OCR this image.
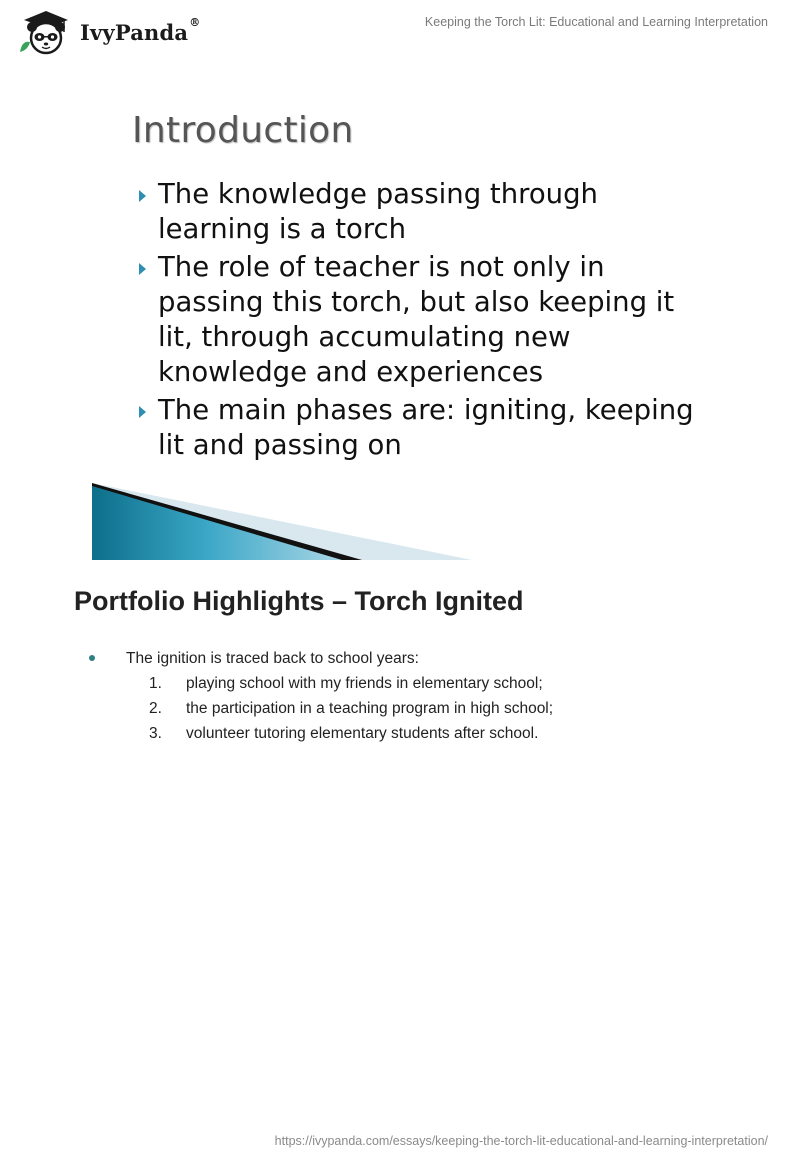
IvyPanda®	Keeping the Torch Lit: Educational and Learning Interpretation
Introduction
The knowledge passing through learning is a torch
The role of teacher is not only in passing this torch, but also keeping it lit, through accumulating new knowledge and experiences
The main phases are: igniting, keeping lit and passing on
Portfolio Highlights – Torch Ignited
The ignition is traced back to school years:
1.	playing school with my friends in elementary school;
2.	the participation in a teaching program in high school;
3.	volunteer tutoring elementary students after school.
https://ivypanda.com/essays/keeping-the-torch-lit-educational-and-learning-interpretation/
